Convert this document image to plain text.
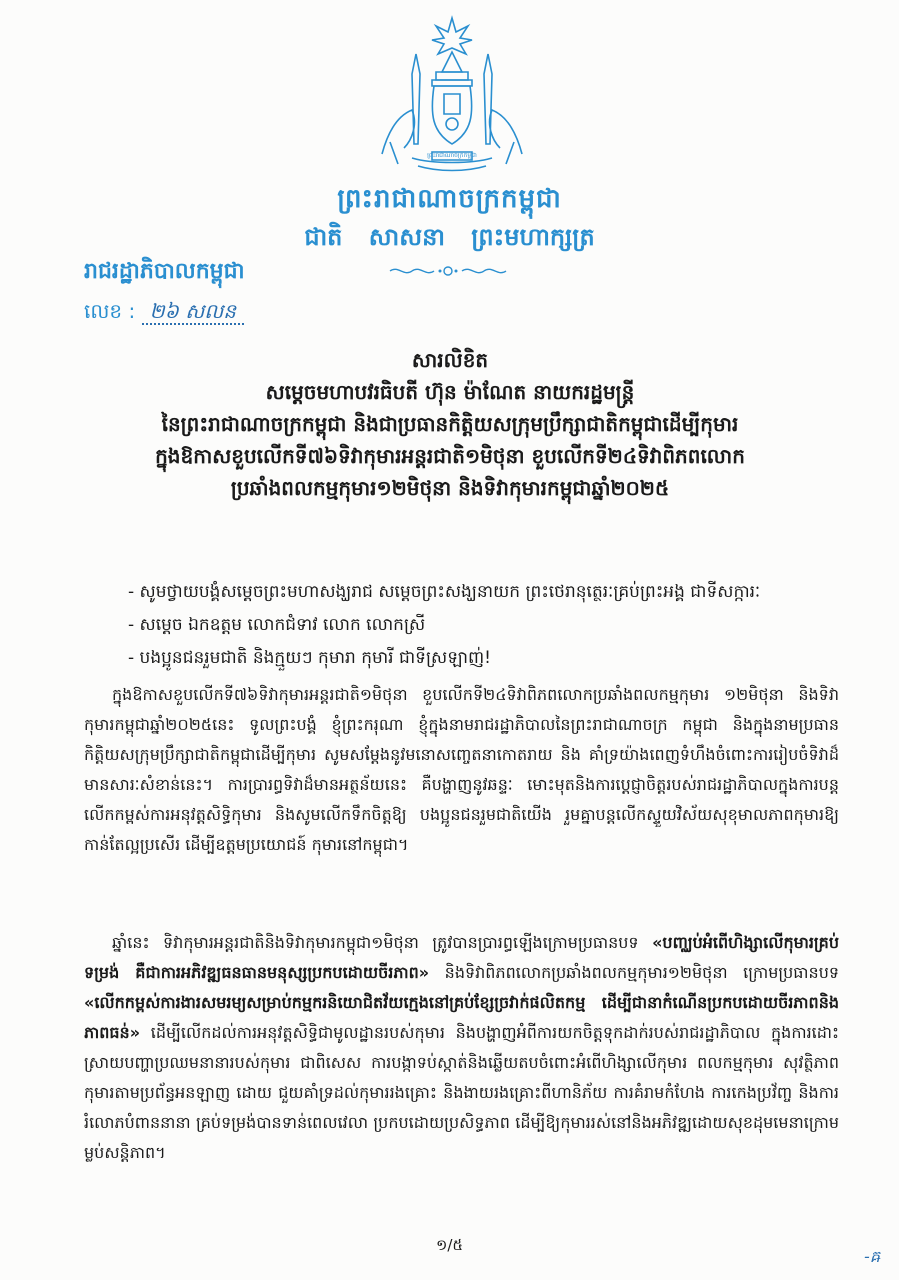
ព្រះរាជាណាចក្រកម្ពុជា
ព្រះរាជាណាចក្រកម្ពុជា
ជាតិ សាសនា ព្រះមហាក្សត្រ
រាជរដ្ឋាភិបាលកម្ពុជា
លេខ : ២៦ សលន
សារលិខិត
សម្តេចមហាបវរធិបតី ហ៊ុន ម៉ាណែត នាយករដ្ឋមន្ត្រី
នៃព្រះរាជាណាចក្រកម្ពុជា និងជាប្រធានកិត្តិយសក្រុមប្រឹក្សាជាតិកម្ពុជាដើម្បីកុមារ
ក្នុងឱកាសខួបលើកទី៧៦ទិវាកុមារអន្តរជាតិ១មិថុនា ខួបលើកទី២៤ទិវាពិភពលោក
ប្រឆាំងពលកម្មកុមារ១២មិថុនា និងទិវាកុមារកម្ពុជាឆ្នាំ២០២៥
- សូមថ្វាយបង្គំសម្តេចព្រះមហាសង្ឃរាជ សម្តេចព្រះសង្ឃនាយក ព្រះថេរានុត្ថេរៈគ្រប់ព្រះអង្គ ជាទីសក្ការៈ
- សម្តេច ឯកឧត្តម លោកជំទាវ លោក លោកស្រី
- បងប្អូនជនរួមជាតិ និងក្មួយៗ កុមារា កុមារី ជាទីស្រឡាញ់!
ក្នុងឱកាសខួបលើកទី៧៦ទិវាកុមារអន្តរជាតិ១មិថុនា ខួបលើកទី២៤ទិវាពិភពលោកប្រឆាំងពលកម្មកុមារ ១២មិថុនា និងទិវាកុមារកម្ពុជាឆ្នាំ២០២៥នេះ ទូលព្រះបង្គំ ខ្ញុំព្រះករុណា ខ្ញុំក្នុងនាមរាជរដ្ឋាភិបាលនៃព្រះរាជាណាចក្រ កម្ពុជា និងក្នុងនាមប្រធានកិត្តិយសក្រុមប្រឹក្សាជាតិកម្ពុជាដើម្បីកុមារ សូមសម្តែងនូវមនោសញ្ចេតនាកោតរាយ និង គាំទ្រយ៉ាងពេញទំហឹងចំពោះការរៀបចំទិវាដ៏មានសារៈសំខាន់នេះ។ ការប្រារព្ធទិវាដ៏មានអត្ថន័យនេះ គឺបង្ហាញនូវឆន្ទៈ មោះមុតនិងការប្តេជ្ញាចិត្តរបស់រាជរដ្ឋាភិបាលក្នុងការបន្តលើកកម្ពស់ការអនុវត្តសិទ្ធិកុមារ និងសូមលើកទឹកចិត្តឱ្យ បងប្អូនជនរួមជាតិយើង រួមគ្នាបន្តលើកស្ទួយវិស័យសុខុមាលភាពកុមារឱ្យកាន់តែល្អប្រសើរ ដើម្បីឧត្តមប្រយោជន៍ កុមារនៅកម្ពុជា។
ឆ្នាំនេះ ទិវាកុមារអន្តរជាតិនិងទិវាកុមារកម្ពុជា១មិថុនា ត្រូវបានប្រារព្ធឡើងក្រោមប្រធានបទ «បញ្ឈប់អំពើហិង្សាលើកុមារគ្រប់ទម្រង់ គឺជាការអភិវឌ្ឍធនធានមនុស្សប្រកបដោយចីរភាព» និងទិវាពិភពលោកប្រឆាំងពលកម្មកុមារ១២មិថុនា ក្រោមប្រធានបទ «លើកកម្ពស់ការងារសមរម្យសម្រាប់កម្មករនិយោជិតវ័យក្មេងនៅគ្រប់ខ្សែច្រវាក់ផលិតកម្ម ដើម្បីជានាកំណើនប្រកបដោយចីរភាពនិងភាពធន់» ដើម្បីលើកដល់ការអនុវត្តសិទ្ធិជាមូលដ្ឋានរបស់កុមារ និងបង្ហាញអំពីការយកចិត្តទុកដាក់របស់រាជរដ្ឋាភិបាល ក្នុងការដោះស្រាយបញ្ហាប្រឈមនានារបស់កុមារ ជាពិសេស ការបង្កាទប់ស្កាត់និងឆ្លើយតបចំពោះអំពើហិង្សាលើកុមារ ពលកម្មកុមារ សុវត្ថិភាពកុមារតាមប្រព័ន្ធអនឡាញ ដោយ ជួយគាំទ្រដល់កុមាររងគ្រោះ និងងាយរងគ្រោះពីហានិភ័យ ការគំរាមកំហែង ការកេងប្រវ័ញ្ច និងការរំលោភបំពាននានា គ្រប់ទម្រង់បានទាន់ពេលវេលា ប្រកបដោយប្រសិទ្ធភាព ដើម្បីឱ្យកុមាររស់នៅនិងអភិវឌ្ឍដោយសុខដុមមេនាក្រោម ម្លប់សន្តិភាព។
១/៥
-ឝ
